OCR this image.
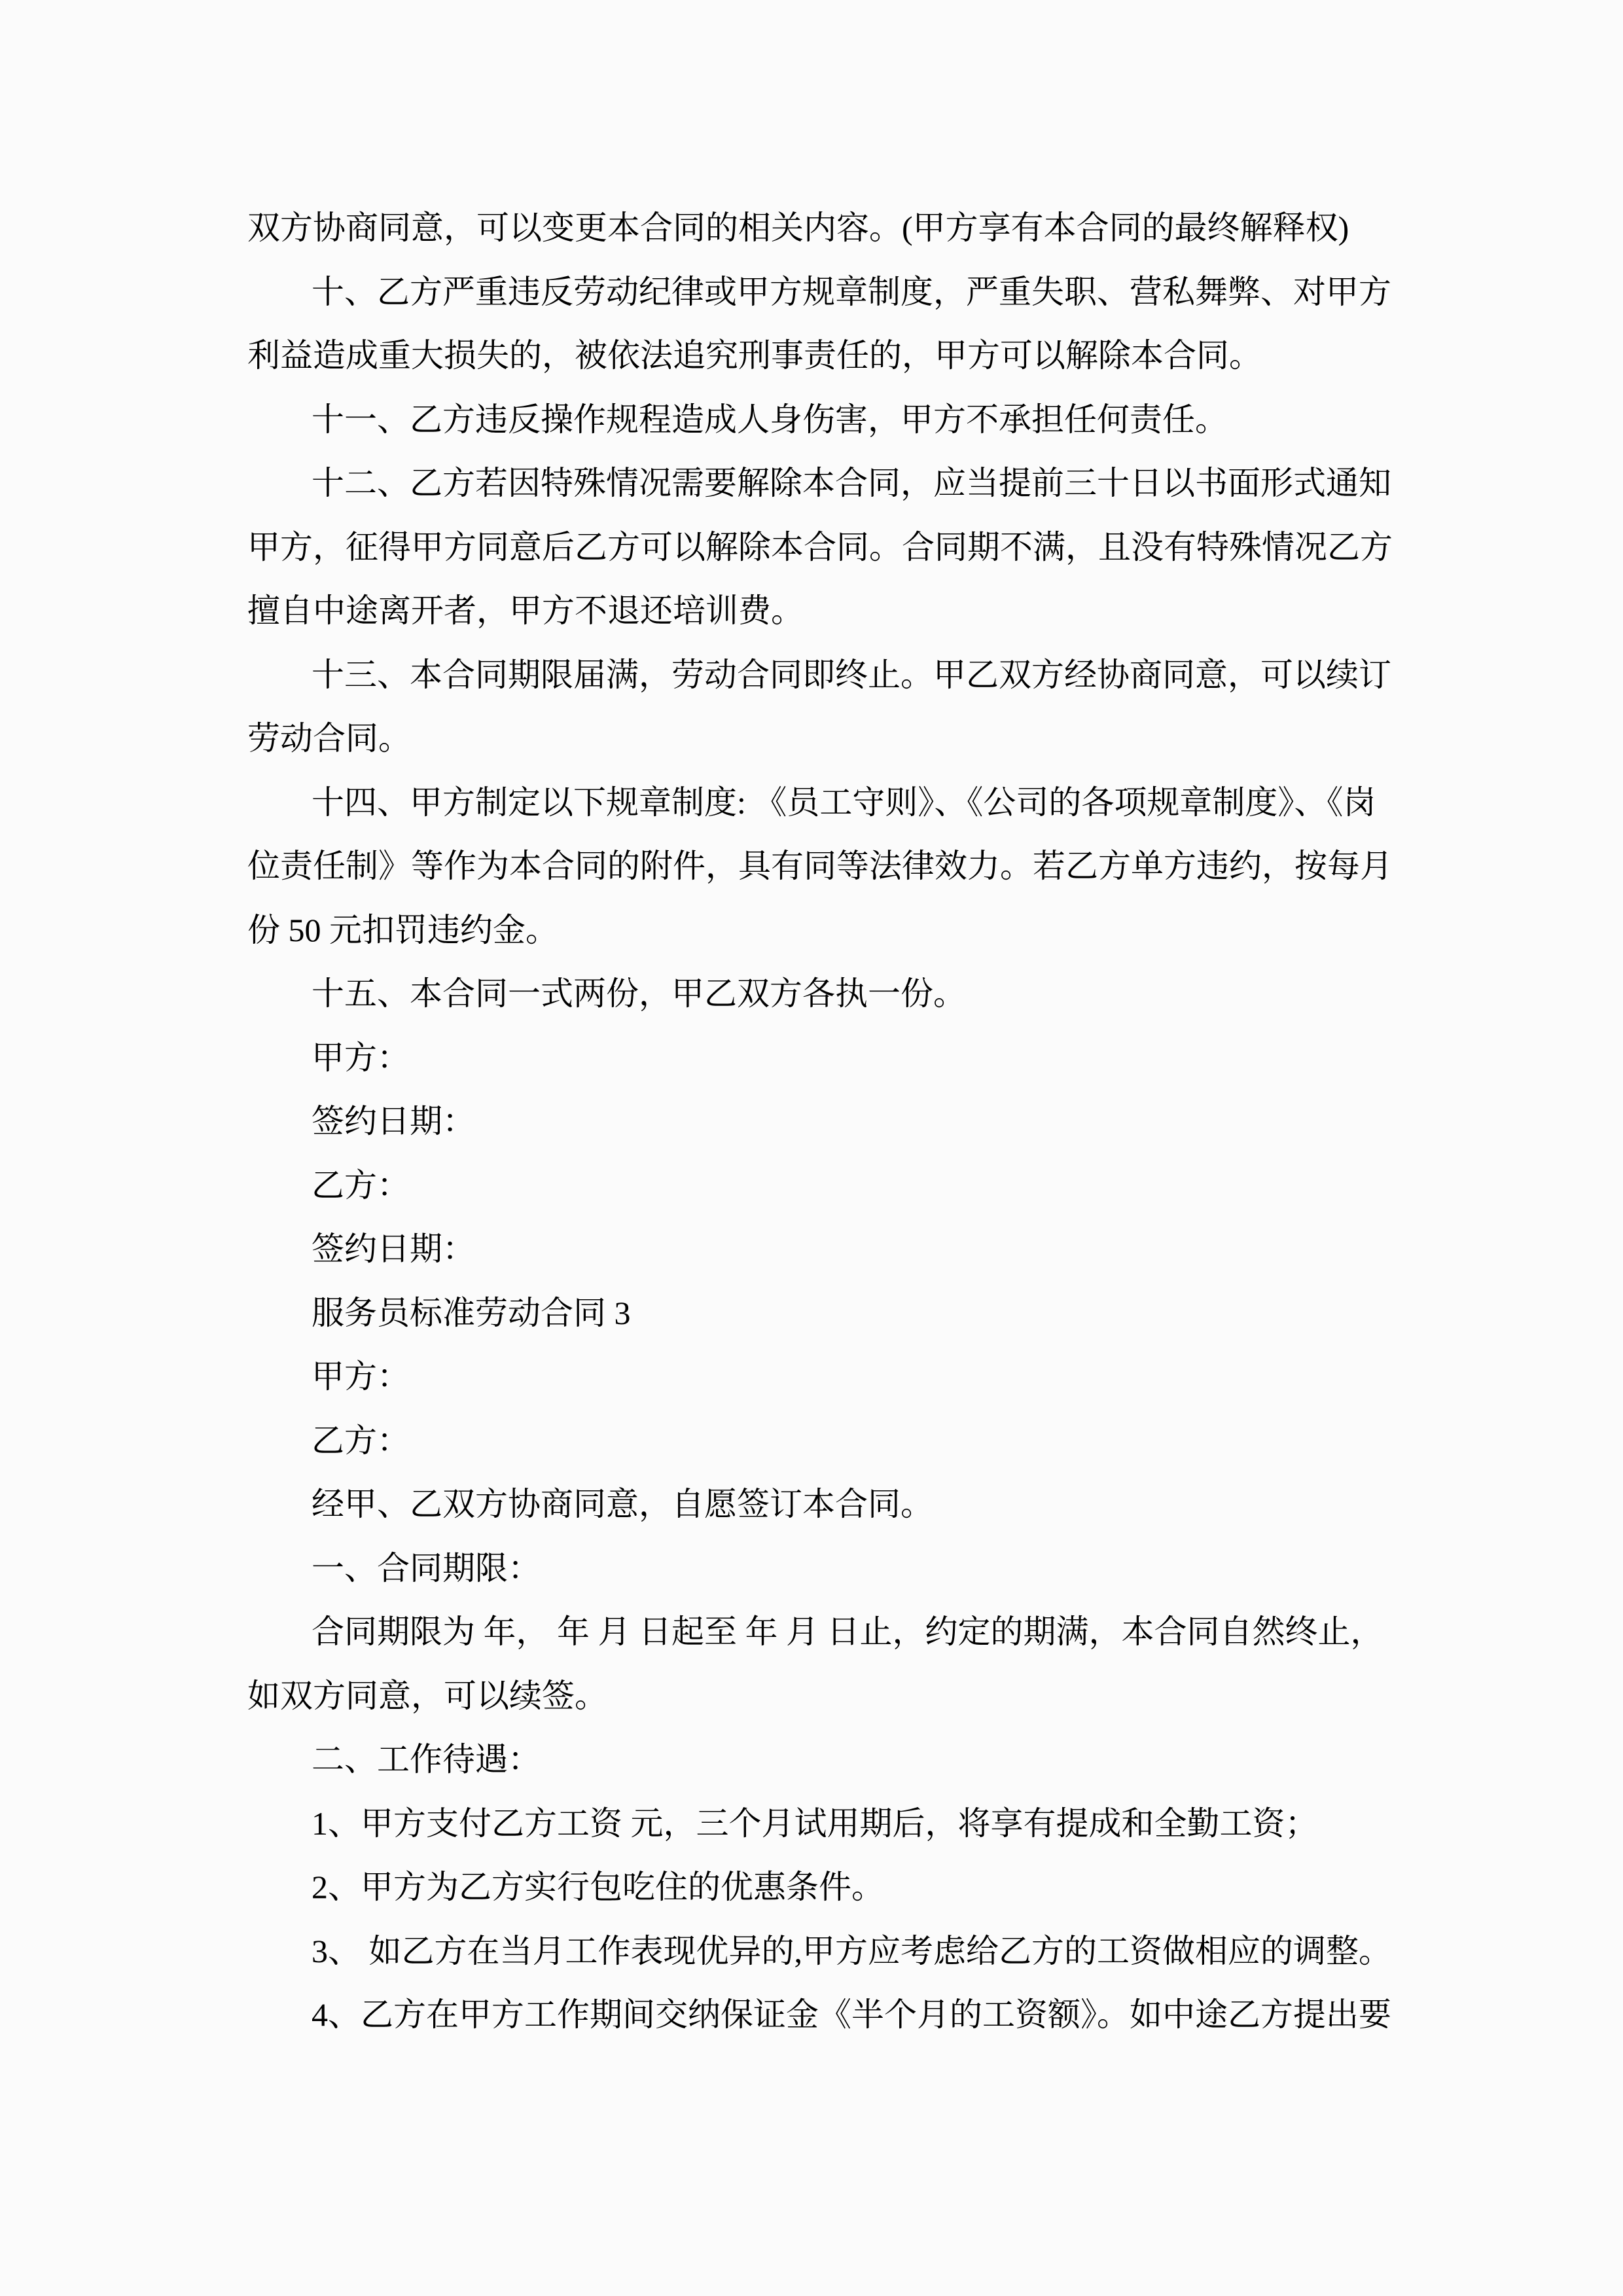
双方协商同意，可以变更本合同的相关内容。(甲方享有本合同的最终解释权)
十、乙方严重违反劳动纪律或甲方规章制度，严重失职、营私舞弊、对甲方
利益造成重大损失的，被依法追究刑事责任的，甲方可以解除本合同。
十一、乙方违反操作规程造成人身伤害，甲方不承担任何责任。
十二、乙方若因特殊情况需要解除本合同，应当提前三十日以书面形式通知
甲方，征得甲方同意后乙方可以解除本合同。合同期不满，且没有特殊情况乙方
擅自中途离开者，甲方不退还培训费。
十三、本合同期限届满，劳动合同即终止。甲乙双方经协商同意，可以续订
劳动合同。
十四、甲方制定以下规章制度: 《员工守则》、《公司的各项规章制度》、《岗
位责任制》等作为本合同的附件，具有同等法律效力。若乙方单方违约，按每月
份 50 元扣罚违约金。
十五、本合同一式两份，甲乙双方各执一份。
甲方：
签约日期：
乙方：
签约日期：
服务员标准劳动合同 3
甲方：
乙方：
经甲、乙双方协商同意，自愿签订本合同。
一、合同期限：
合同期限为 年， 年 月 日起至 年 月 日止，约定的期满，本合同自然终止，
如双方同意，可以续签。
二、工作待遇：
1、甲方支付乙方工资 元，三个月试用期后，将享有提成和全勤工资；
2、甲方为乙方实行包吃住的优惠条件。
3、 如乙方在当月工作表现优异的,甲方应考虑给乙方的工资做相应的调整。
4、乙方在甲方工作期间交纳保证金《半个月的工资额》。如中途乙方提出要
